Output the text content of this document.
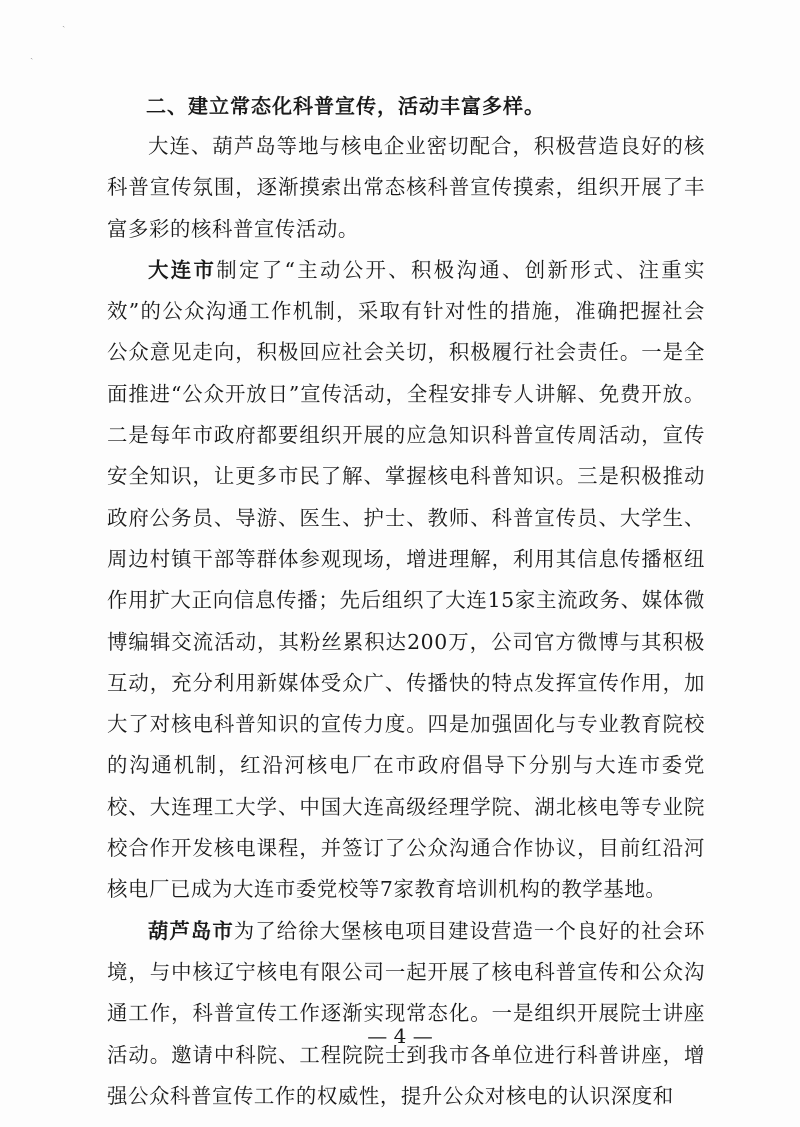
ˎ
ˏ

二、建立常态化科普宣传，活动丰富多样。

大连、葫芦岛等地与核电企业密切配合，积极营造良好的核科普宣传氛围，逐渐摸索出常态核科普宣传摸索，组织开展了丰富多彩的核科普宣传活动。

大连市制定了“主动公开、积极沟通、创新形式、注重实效”的公众沟通工作机制，采取有针对性的措施，准确把握社会公众意见走向，积极回应社会关切，积极履行社会责任。一是全面推进“公众开放日”宣传活动，全程安排专人讲解、免费开放。二是每年市政府都要组织开展的应急知识科普宣传周活动，宣传安全知识，让更多市民了解、掌握核电科普知识。三是积极推动政府公务员、导游、医生、护士、教师、科普宣传员、大学生、周边村镇干部等群体参观现场，增进理解，利用其信息传播枢纽作用扩大正向信息传播；先后组织了大连15家主流政务、媒体微博编辑交流活动，其粉丝累积达200万，公司官方微博与其积极互动，充分利用新媒体受众广、传播快的特点发挥宣传作用，加大了对核电科普知识的宣传力度。四是加强固化与专业教育院校的沟通机制，红沿河核电厂在市政府倡导下分别与大连市委党校、大连理工大学、中国大连高级经理学院、湖北核电等专业院校合作开发核电课程，并签订了公众沟通合作协议，目前红沿河核电厂已成为大连市委党校等7家教育培训机构的教学基地。

葫芦岛市为了给徐大堡核电项目建设营造一个良好的社会环境，与中核辽宁核电有限公司一起开展了核电科普宣传和公众沟通工作，科普宣传工作逐渐实现常态化。一是组织开展院士讲座活动。邀请中科院、工程院院士到我市各单位进行科普讲座，增强公众科普宣传工作的权威性，提升公众对核电的认识深度和

— 4 —
